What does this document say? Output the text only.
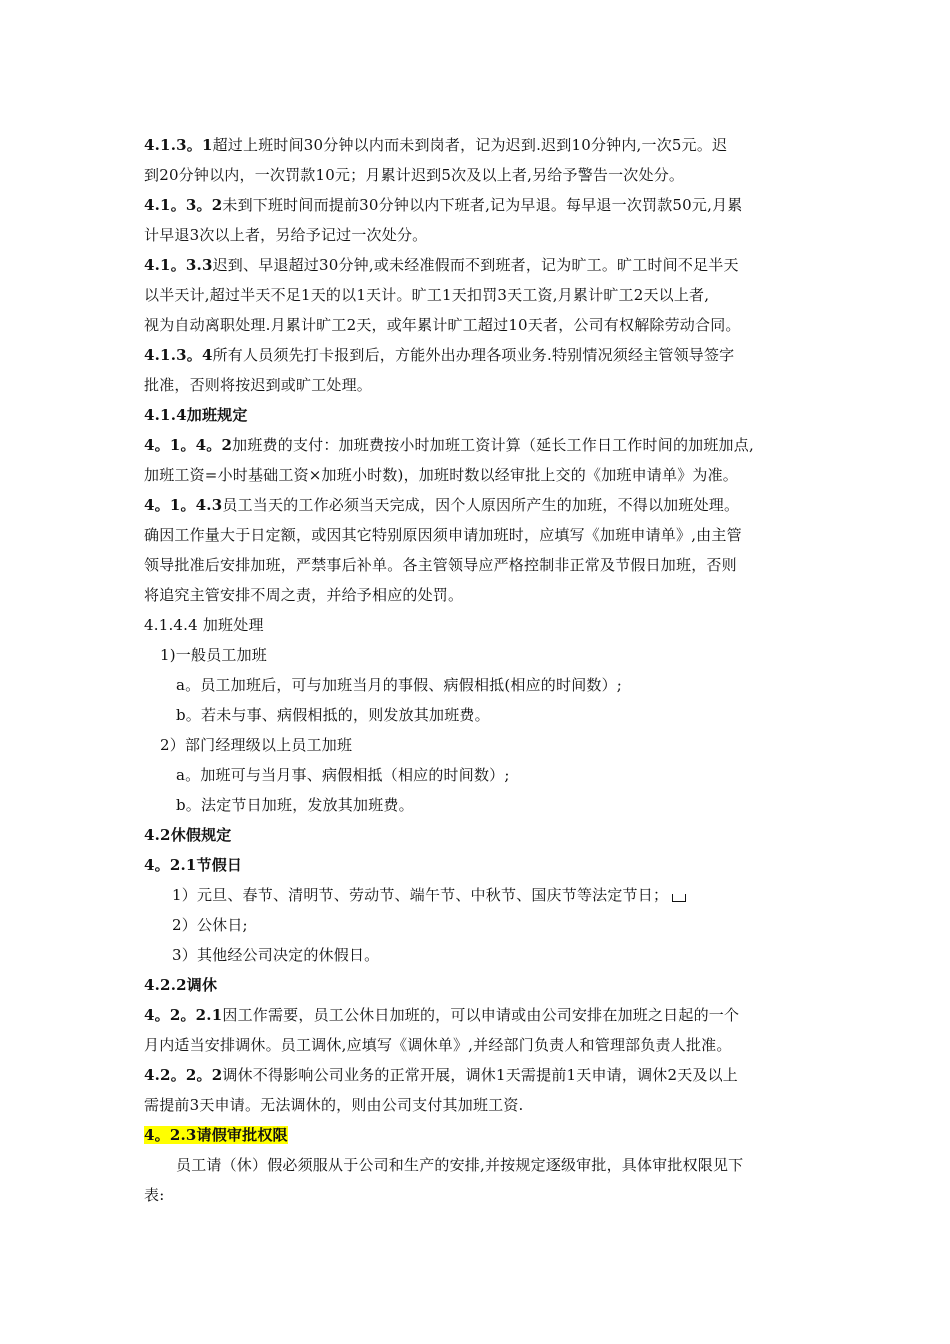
4.1.3。1超过上班时间30分钟以内而未到岗者，记为迟到.迟到10分钟内,一次5元。迟
到20分钟以内，一次罚款10元；月累计迟到5次及以上者,另给予警告一次处分。
4.1。3。2未到下班时间而提前30分钟以内下班者,记为早退。每早退一次罚款50元,月累
计早退3次以上者，另给予记过一次处分。
4.1。3.3迟到、早退超过30分钟,或未经准假而不到班者，记为旷工。旷工时间不足半天
以半天计,超过半天不足1天的以1天计。旷工1天扣罚3天工资,月累计旷工2天以上者,
视为自动离职处理.月累计旷工2天，或年累计旷工超过10天者，公司有权解除劳动合同。
4.1.3。4所有人员须先打卡报到后，方能外出办理各项业务.特别情况须经主管领导签字
批准，否则将按迟到或旷工处理。
4.1.4加班规定
4。1。4。2加班费的支付：加班费按小时加班工资计算（延长工作日工作时间的加班加点,
加班工资=小时基础工资×加班小时数)，加班时数以经审批上交的《加班申请单》为准。
4。1。4.3员工当天的工作必须当天完成，因个人原因所产生的加班，不得以加班处理。
确因工作量大于日定额，或因其它特别原因须申请加班时，应填写《加班申请单》,由主管
领导批准后安排加班，严禁事后补单。各主管领导应严格控制非正常及节假日加班，否则
将追究主管安排不周之责，并给予相应的处罚。
4.1.4.4 加班处理
1)一般员工加班
a。员工加班后，可与加班当月的事假、病假相抵(相应的时间数）;
b。若未与事、病假相抵的，则发放其加班费。
2）部门经理级以上员工加班
a。加班可与当月事、病假相抵（相应的时间数）;
b。法定节日加班，发放其加班费。
4.2休假规定
4。2.1节假日
1）元旦、春节、清明节、劳动节、端午节、中秋节、国庆节等法定节日；
2）公休日;
3）其他经公司决定的休假日。
4.2.2调休
4。2。2.1因工作需要，员工公休日加班的，可以申请或由公司安排在加班之日起的一个
月内适当安排调休。员工调休,应填写《调休单》,并经部门负责人和管理部负责人批准。
4.2。2。2调休不得影响公司业务的正常开展，调休1天需提前1天申请，调休2天及以上
需提前3天申请。无法调休的，则由公司支付其加班工资.
4。2.3请假审批权限
员工请（休）假必须服从于公司和生产的安排,并按规定逐级审批，具体审批权限见下
表:
